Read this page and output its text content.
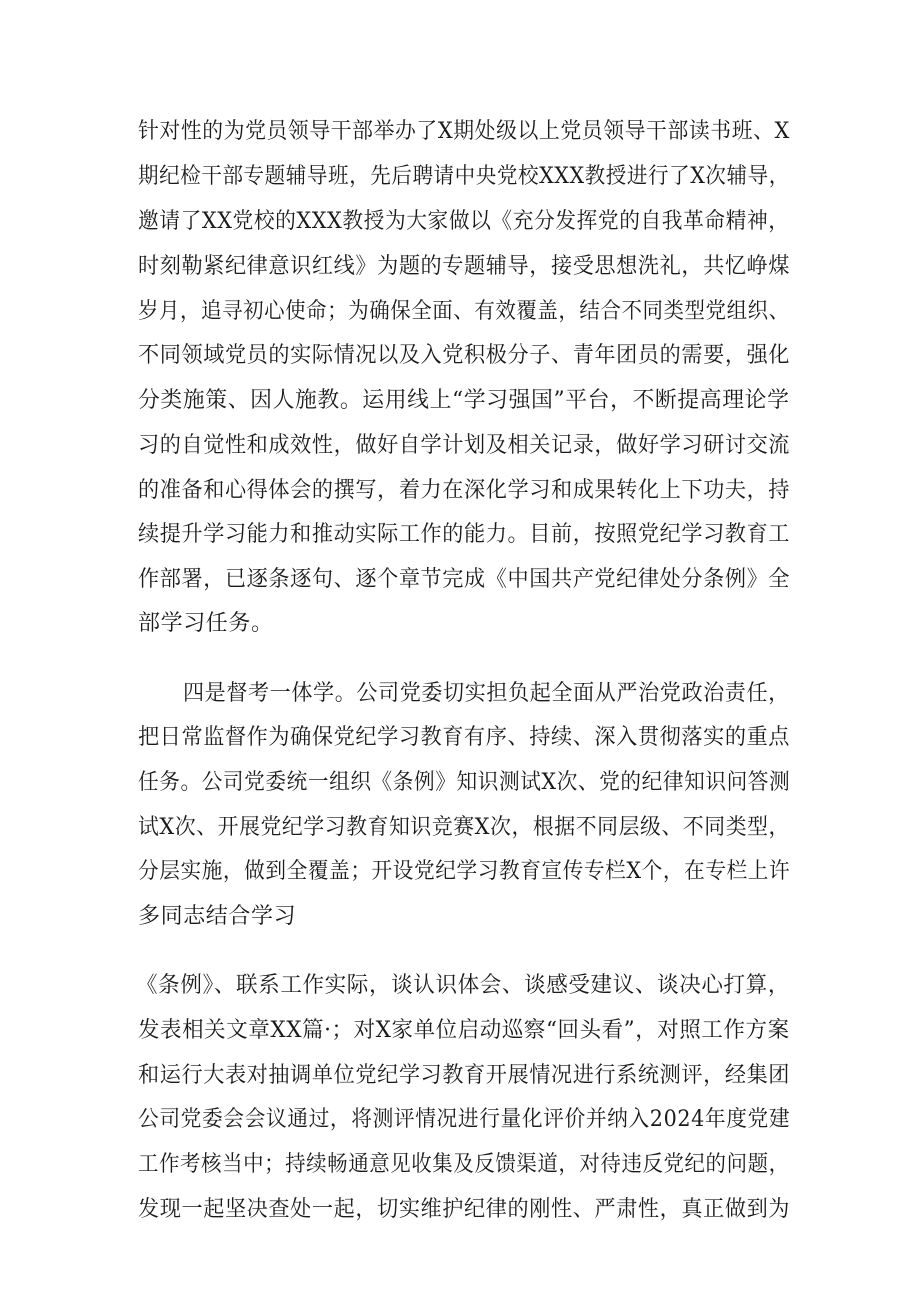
针对性的为党员领导干部举办了X期处级以上党员领导干部读书班、X
期纪检干部专题辅导班，先后聘请中央党校XXX教授进行了X次辅导，
邀请了XX党校的XXX教授为大家做以《充分发挥党的自我革命精神，
时刻勒紧纪律意识红线》为题的专题辅导，接受思想洗礼，共忆峥煤
岁月，追寻初心使命；为确保全面、有效覆盖，结合不同类型党组织、
不同领域党员的实际情况以及入党积极分子、青年团员的需要，强化
分类施策、因人施教。运用线上“学习强国”平台，不断提高理论学
习的自觉性和成效性，做好自学计划及相关记录，做好学习研讨交流
的准备和心得体会的撰写，着力在深化学习和成果转化上下功夫，持
续提升学习能力和推动实际工作的能力。目前，按照党纪学习教育工
作部署，已逐条逐句、逐个章节完成《中国共产党纪律处分条例》全
部学习任务。
四是督考一体学。公司党委切实担负起全面从严治党政治责任，
把日常监督作为确保党纪学习教育有序、持续、深入贯彻落实的重点
任务。公司党委统一组织《条例》知识测试X次、党的纪律知识问答测
试X次、开展党纪学习教育知识竞赛X次，根据不同层级、不同类型，
分层实施，做到全覆盖；开设党纪学习教育宣传专栏X个，在专栏上许
多同志结合学习
《条例》、联系工作实际，谈认识体会、谈感受建议、谈决心打算，
发表相关文章XX篇·；对X家单位启动巡察“回头看”，对照工作方案
和运行大表对抽调单位党纪学习教育开展情况进行系统测评，经集团
公司党委会会议通过，将测评情况进行量化评价并纳入2024年度党建
工作考核当中；持续畅通意见收集及反馈渠道，对待违反党纪的问题，
发现一起坚决查处一起，切实维护纪律的刚性、严肃性，真正做到为
